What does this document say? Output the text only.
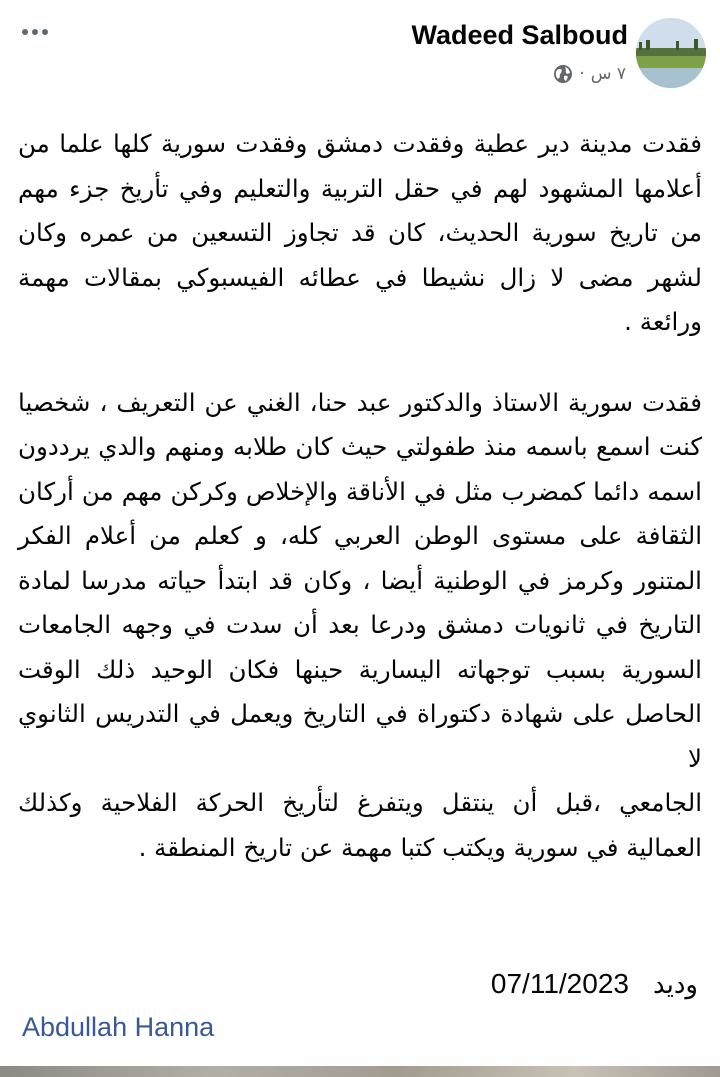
Wadeed Salboud
٧ س
·

فقدت مدينة دير عطية وفقدت دمشق وفقدت سورية كلها علما من أعلامها المشهود لهم في حقل التربية والتعليم وفي تأريخ جزء مهم من تاريخ سورية الحديث، كان قد تجاوز التسعين من عمره وكان لشهر مضى لا زال نشيطا في عطائه الفيسبوكي بمقالات مهمة ورائعة .

فقدت سورية الاستاذ والدكتور عبد حنا، الغني عن التعريف ، شخصيا كنت اسمع باسمه منذ طفولتي حيث كان طلابه ومنهم والدي يرددون اسمه دائما كمضرب مثل في الأناقة والإخلاص وكركن مهم من أركان الثقافة على مستوى الوطن العربي كله، و كعلم من أعلام الفكر المتنور وكرمز في الوطنية أيضا ، وكان قد ابتدأ حياته مدرسا لمادة التاريخ في ثانويات دمشق ودرعا بعد أن سدت في وجهه الجامعات السورية بسبب توجهاته اليسارية حينها فكان الوحيد ذلك الوقت الحاصل على شهادة دكتوراة في التاريخ ويعمل في التدريس الثانوي لا
الجامعي ،قبل أن ينتقل ويتفرغ لتأريخ الحركة الفلاحية وكذلك العمالية في سورية ويكتب كتبا مهمة عن تاريخ المنطقة .

وديد
07/11/2023
Abdullah Hanna
